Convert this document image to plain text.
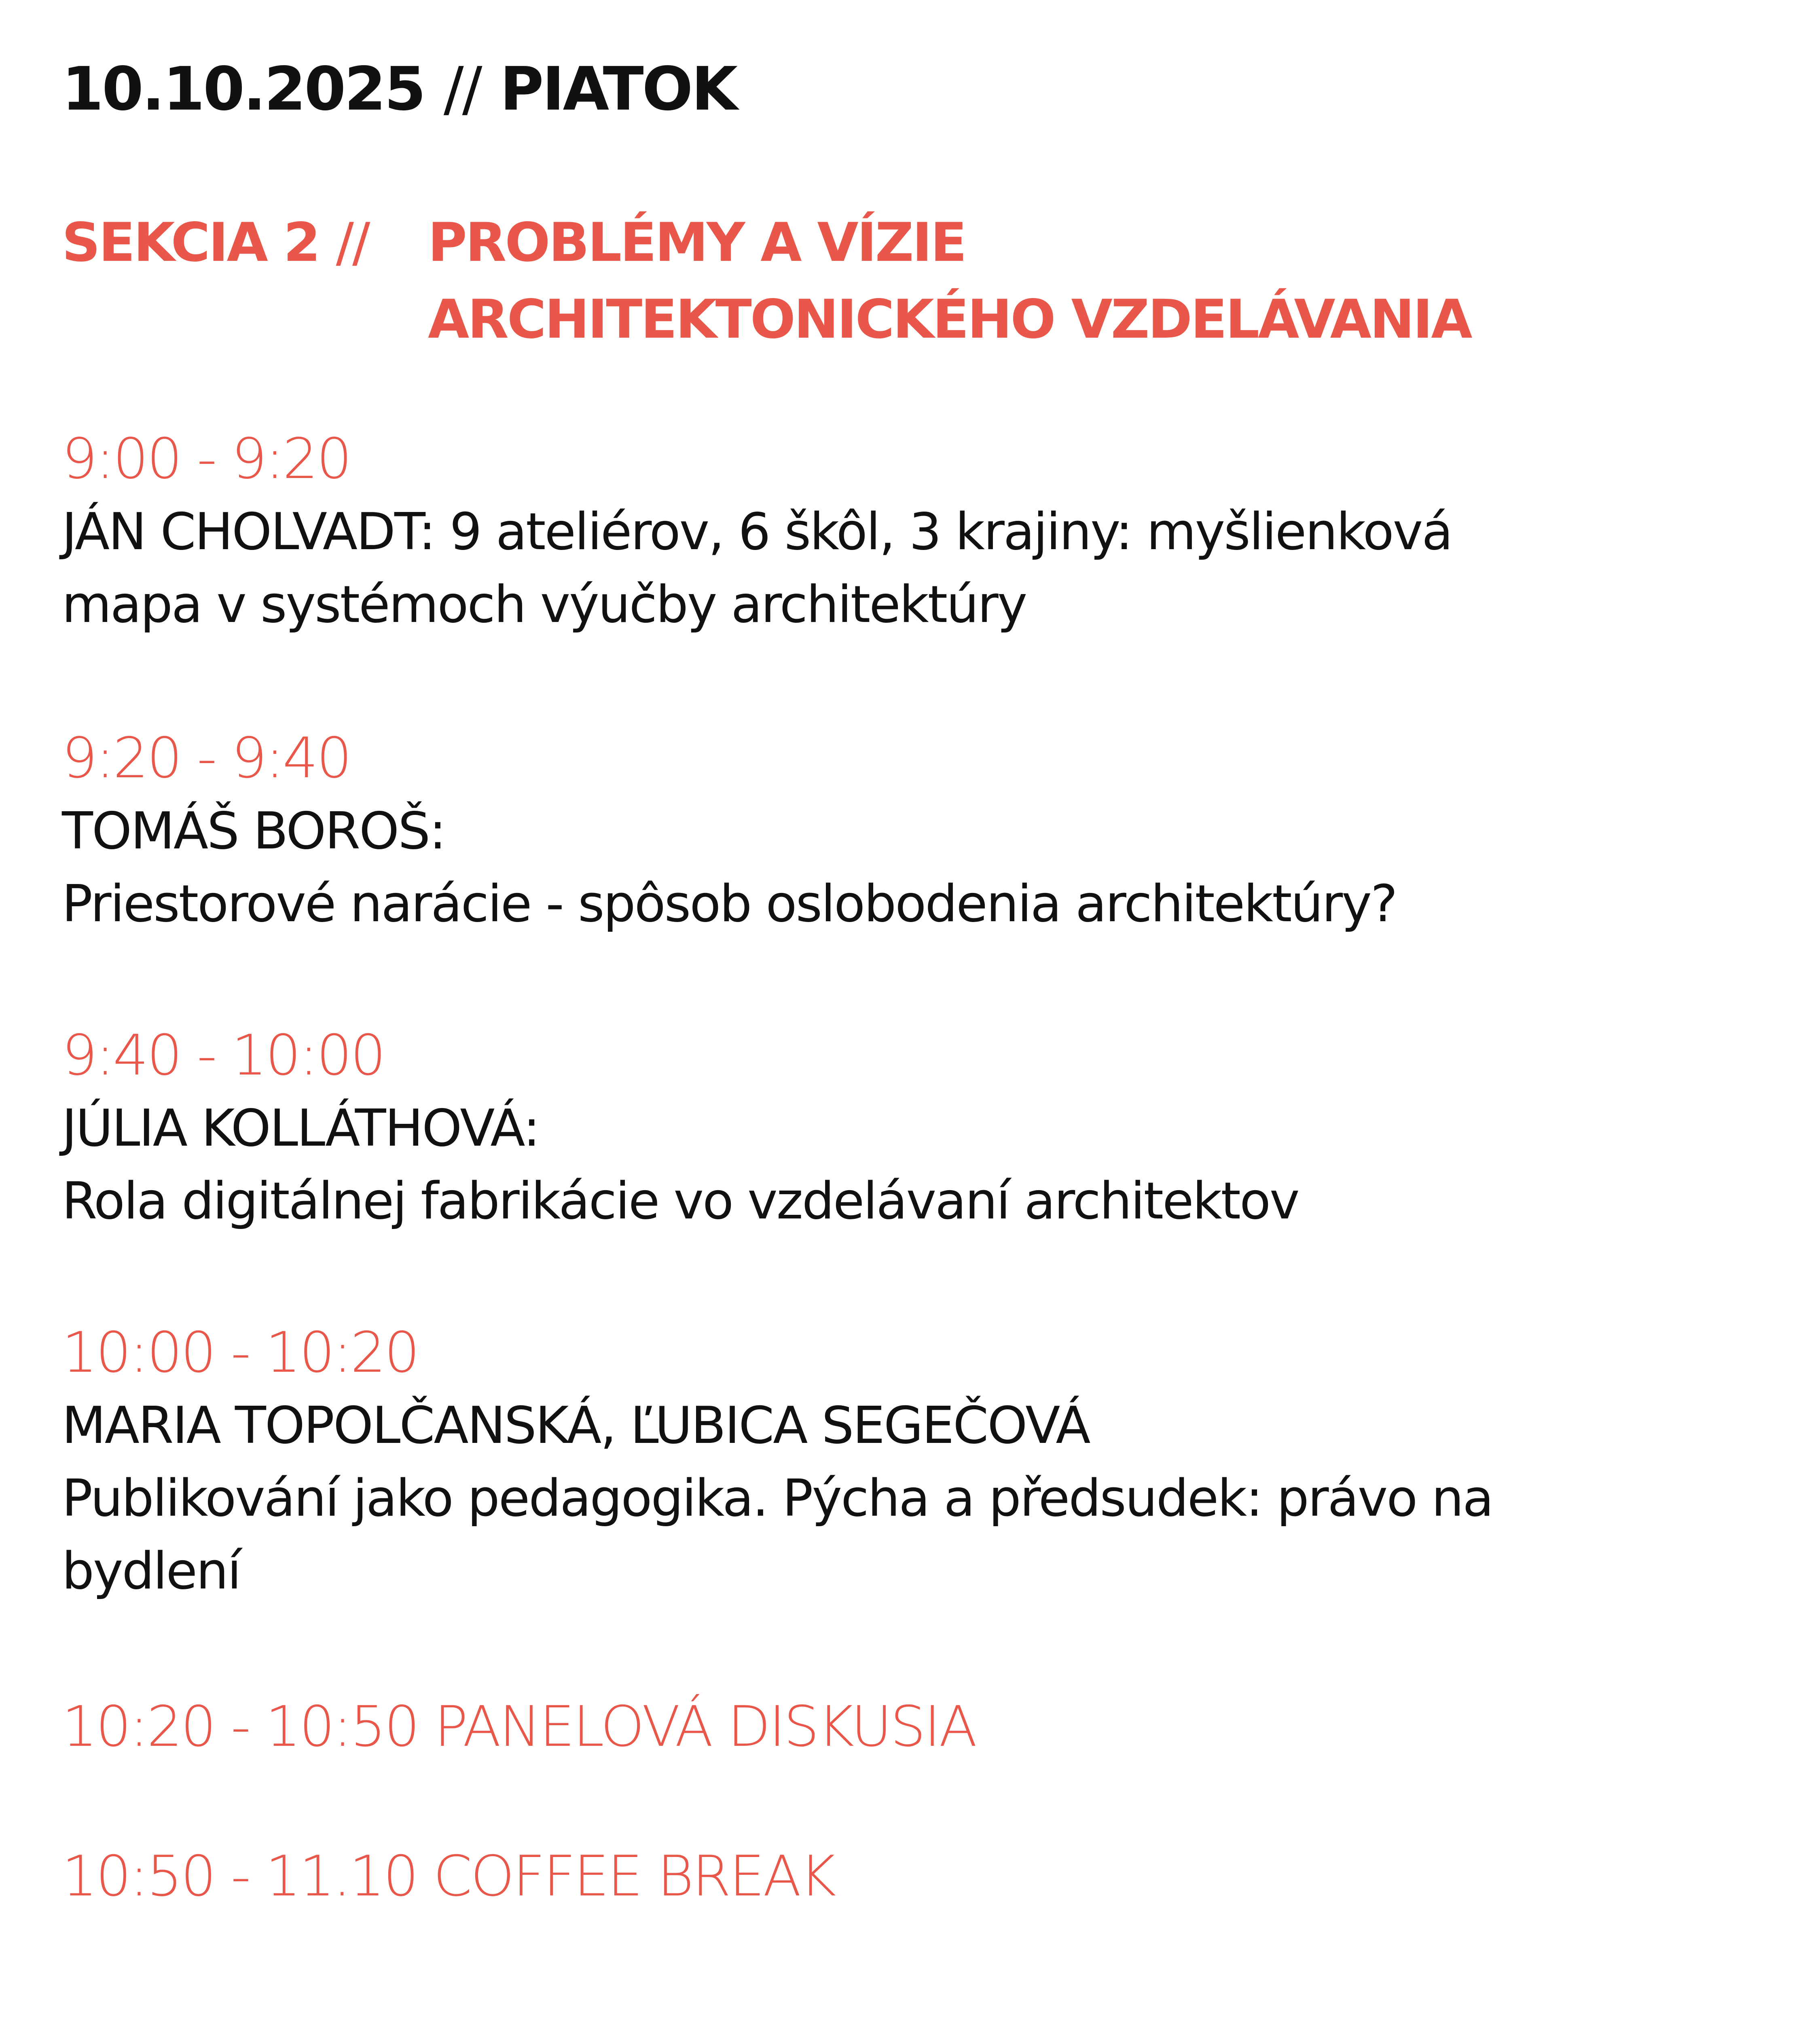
10.10.2025 // PIATOK
SEKCIA 2 // PROBLÉMY A VÍZIE
ARCHITEKTONICKÉHO VZDELÁVANIA
9:00 - 9:20
JÁN CHOLVADT: 9 ateliérov, 6 škôl, 3 krajiny: myšlienková
mapa v systémoch výučby architektúry
9:20 - 9:40
TOMÁŠ BOROŠ:
Priestorové narácie - spôsob oslobodenia architektúry?
9:40 - 10:00
JÚLIA KOLLÁTHOVÁ:
Rola digitálnej fabrikácie vo vzdelávaní architektov
10:00 - 10:20
MARIA TOPOLČANSKÁ, ĽUBICA SEGEČOVÁ
Publikování jako pedagogika. Pýcha a předsudek: právo na
bydlení
10:20 - 10:50 PANELOVÁ DISKUSIA
10:50 - 11.10 COFFEE BREAK
